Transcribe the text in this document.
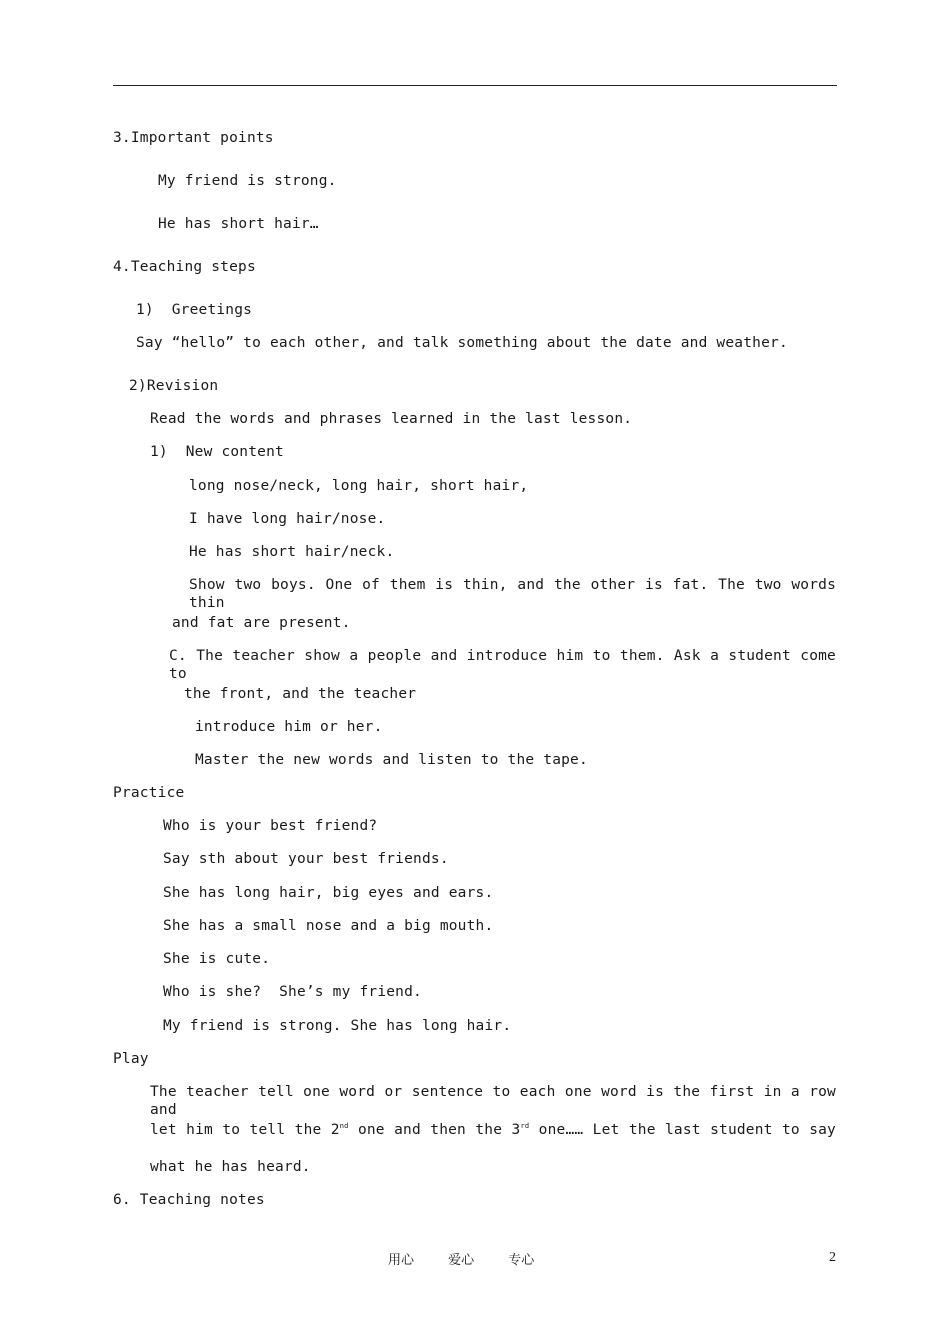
3.Important points
My friend is strong.
He has short hair…
4.Teaching steps
1)  Greetings
Say “hello” to each other, and talk something about the date and weather.
2)Revision
Read the words and phrases learned in the last lesson.
1)  New content
long nose/neck, long hair, short hair,
I have long hair/nose.
He has short hair/neck.
Show two boys. One of them is thin, and the other is fat. The two words thin
and fat are present.
C. The teacher show a people and introduce him to them. Ask a student come to
the front, and the teacher
introduce him or her.
Master the new words and listen to the tape.
Practice
Who is your best friend?
Say sth about your best friends.
She has long hair, big eyes and ears.
She has a small nose and a big mouth.
She is cute.
Who is she?  She’s my friend.
My friend is strong. She has long hair.
Play
The teacher tell one word or sentence to each one word is the first in a row and
let him to tell the 2nd one and then the 3rd one…… Let the last student to say
what he has heard.
6. Teaching notes
用心 爱心 专心	2
